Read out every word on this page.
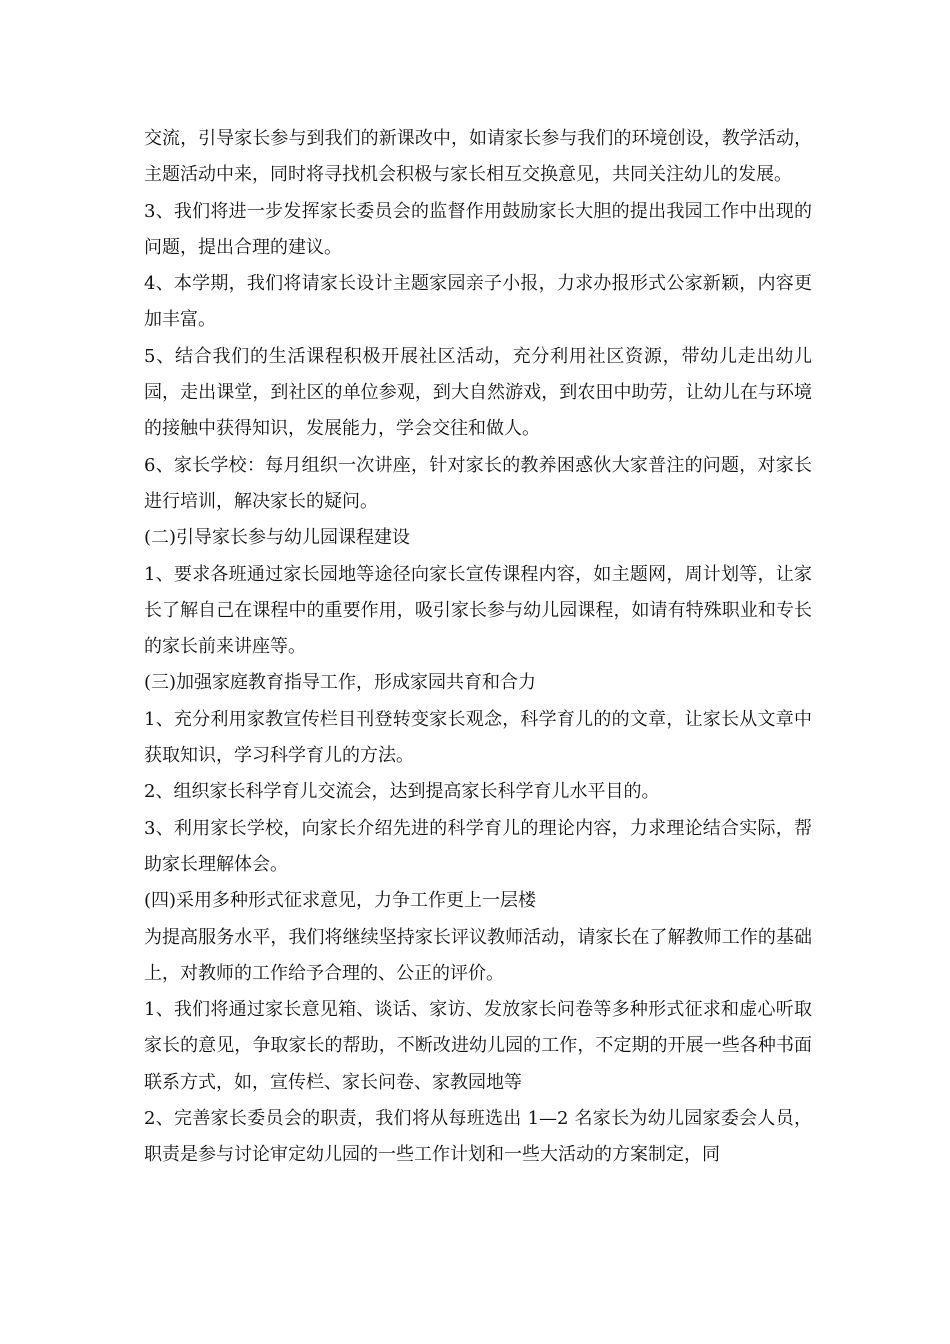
交流，引导家长参与到我们的新课改中，如请家长参与我们的环境创设，教学活动，主题活动中来，同时将寻找机会积极与家长相互交换意见，共同关注幼儿的发展。

3、我们将进一步发挥家长委员会的监督作用鼓励家长大胆的提出我园工作中出现的问题，提出合理的建议。

4、本学期，我们将请家长设计主题家园亲子小报，力求办报形式公家新颖，内容更加丰富。

5、结合我们的生活课程积极开展社区活动，充分利用社区资源，带幼儿走出幼儿园，走出课堂，到社区的单位参观，到大自然游戏，到农田中助劳，让幼儿在与环境的接触中获得知识，发展能力，学会交往和做人。

6、家长学校：每月组织一次讲座，针对家长的教养困惑伙大家普注的问题，对家长进行培训，解决家长的疑问。

(二)引导家长参与幼儿园课程建设

1、要求各班通过家长园地等途径向家长宣传课程内容，如主题网，周计划等，让家长了解自己在课程中的重要作用，吸引家长参与幼儿园课程，如请有特殊职业和专长的家长前来讲座等。

(三)加强家庭教育指导工作，形成家园共育和合力

1、充分利用家教宣传栏目刊登转变家长观念，科学育儿的的文章，让家长从文章中获取知识，学习科学育儿的方法。

2、组织家长科学育儿交流会，达到提高家长科学育儿水平目的。

3、利用家长学校，向家长介绍先进的科学育儿的理论内容，力求理论结合实际，帮助家长理解体会。

(四)采用多种形式征求意见，力争工作更上一层楼

为提高服务水平，我们将继续坚持家长评议教师活动，请家长在了解教师工作的基础上，对教师的工作给予合理的、公正的评价。

1、我们将通过家长意见箱、谈话、家访、发放家长问卷等多种形式征求和虚心听取家长的意见，争取家长的帮助，不断改进幼儿园的工作，不定期的开展一些各种书面联系方式，如，宣传栏、家长问卷、家教园地等

2、完善家长委员会的职责，我们将从每班选出 1—2 名家长为幼儿园家委会人员，职责是参与讨论审定幼儿园的一些工作计划和一些大活动的方案制定，同
